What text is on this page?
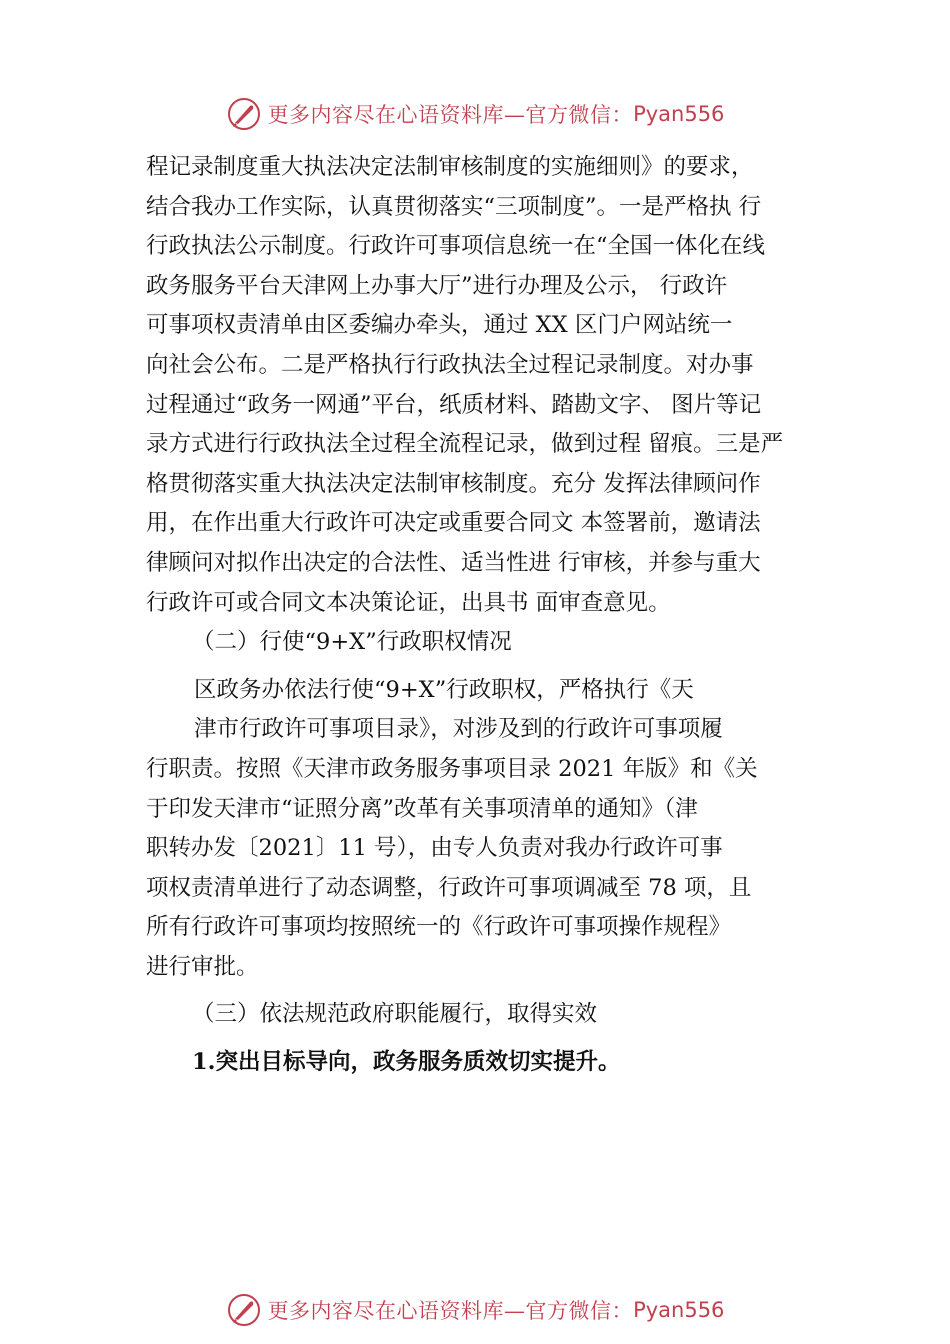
更多内容尽在心语资料库—官方微信： Pyan556
程记录制度重大执法决定法制审核制度的实施细则》的要求，
结合我办工作实际，认真贯彻落实“三项制度”。一是严格执 行
行政执法公示制度。行政许可事项信息统一在“全国一体化在线
政务服务平台天津网上办事大厅”进行办理及公示， 行政许
可事项权责清单由区委编办牵头，通过 XX 区门户网站统一
向社会公布。二是严格执行行政执法全过程记录制度。对办事
过程通过“政务一网通”平台，纸质材料、踏勘文字、 图片等记
录方式进行行政执法全过程全流程记录，做到过程 留痕。三是严
格贯彻落实重大执法决定法制审核制度。充分 发挥法律顾问作
用，在作出重大行政许可决定或重要合同文 本签署前，邀请法
律顾问对拟作出决定的合法性、适当性进 行审核，并参与重大
行政许可或合同文本决策论证，出具书 面审查意见。
（二）行使“9+X”行政职权情况
区政务办依法行使“9+X”行政职权，严格执行《天
津市行政许可事项目录》，对涉及到的行政许可事项履
行职责。按照《天津市政务服务事项目录 2021 年版》和《关
于印发天津市“证照分离”改革有关事项清单的通知》（津
职转办发〔2021〕11 号），由专人负责对我办行政许可事
项权责清单进行了动态调整，行政许可事项调减至 78 项，且
所有行政许可事项均按照统一的《行政许可事项操作规程》
进行审批。
（三）依法规范政府职能履行，取得实效
1.突出目标导向，政务服务质效切实提升。
更多内容尽在心语资料库—官方微信： Pyan556
